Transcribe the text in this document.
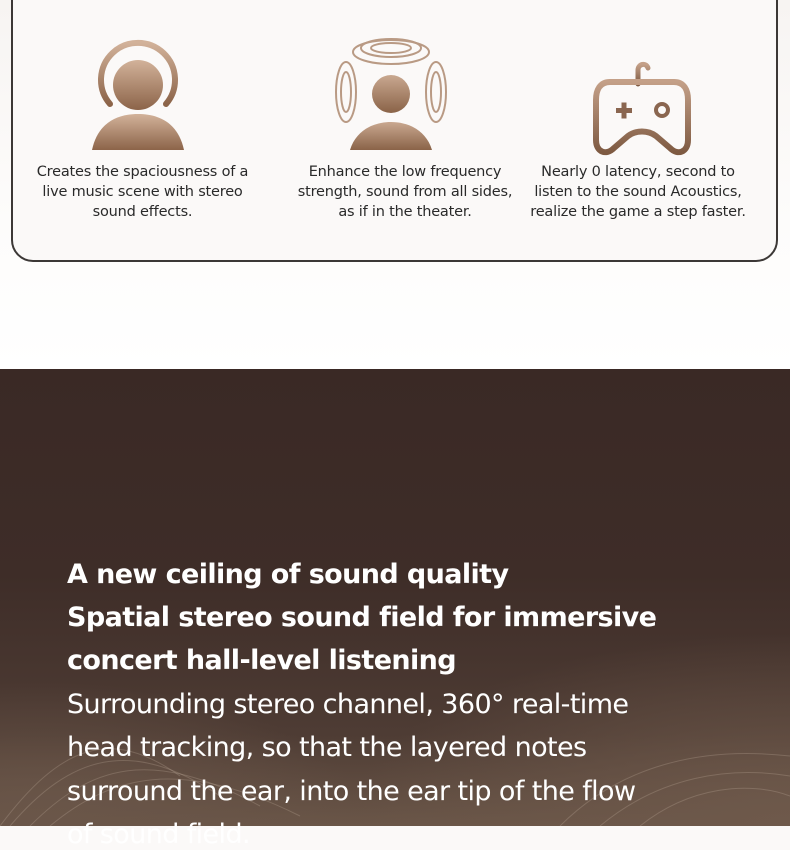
Creates the spaciousness of a live music scene with stereo sound effects.
Enhance the low frequency strength, sound from all sides, as if in the theater.
Nearly 0 latency, second to listen to the sound Acoustics, realize the game a step faster.
A new ceiling of sound quality
Spatial stereo sound field for immersive
concert hall-level listening
Surrounding stereo channel, 360° real-time
head tracking, so that the layered notes
surround the ear, into the ear tip of the flow
of sound field.
